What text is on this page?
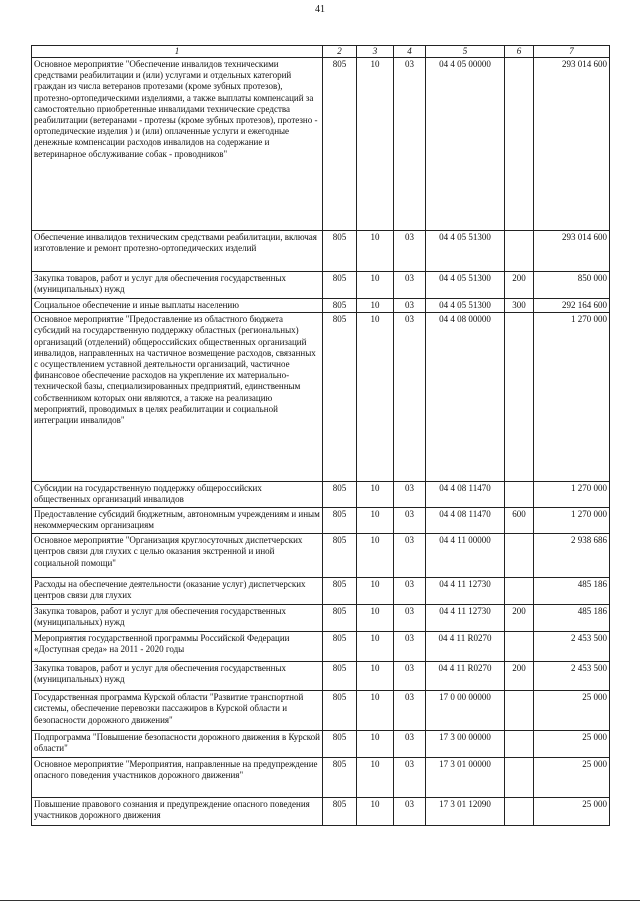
41
1	2	3	4	5	6	7
Основное мероприятие "Обеспечение инвалидов техническими средствами реабилитации и (или) услугами и отдельных категорий граждан из числа ветеранов протезами (кроме зубных протезов), протезно-ортопедическими изделиями, а также выплаты компенсаций за самостоятельно приобретенные инвалидами технические средства реабилитации (ветеранами - протезы (кроме зубных протезов), протезно - ортопедические изделия ) и (или) оплаченные услуги и ежегодные денежные компенсации расходов инвалидов на содержание и ветеринарное обслуживание собак - проводников"	805	10	03	04 4 05 00000		293 014 600
Обеспечение инвалидов техническим средствами реабилитации, включая изготовление и ремонт протезно-ортопедических изделий	805	10	03	04 4 05 51300		293 014 600
Закупка товаров, работ и услуг для обеспечения государственных (муниципальных) нужд	805	10	03	04 4 05 51300	200	850 000
Социальное обеспечение и иные выплаты населению	805	10	03	04 4 05 51300	300	292 164 600
Основное мероприятие "Предоставление из областного бюджета субсидий на государственную поддержку областных (региональных) организаций (отделений) общероссийских общественных организаций инвалидов, направленных на частичное возмещение расходов, связанных с осуществлением уставной деятельности организаций, частичное финансовое обеспечение расходов на укрепление их материально-технической базы, специализированных предприятий, единственным собственником которых они являются, а также на реализацию мероприятий, проводимых в целях реабилитации и социальной интеграции инвалидов"	805	10	03	04 4 08 00000		1 270 000
Субсидии на государственную поддержку общероссийских общественных организаций инвалидов	805	10	03	04 4 08 11470		1 270 000
Предоставление субсидий бюджетным, автономным учреждениям и иным некоммерческим организациям	805	10	03	04 4 08 11470	600	1 270 000
Основное мероприятие "Организация круглосуточных диспетчерских центров связи для глухих с целью оказания экстренной и иной социальной помощи"	805	10	03	04 4 11 00000		2 938 686
Расходы на обеспечение деятельности (оказание услуг) диспетчерских центров связи для глухих	805	10	03	04 4 11 12730		485 186
Закупка товаров, работ и услуг для обеспечения государственных (муниципальных) нужд	805	10	03	04 4 11 12730	200	485 186
Мероприятия государственной программы Российской Федерации «Доступная среда» на 2011 - 2020 годы	805	10	03	04 4 11 R0270		2 453 500
Закупка товаров, работ и услуг для обеспечения государственных (муниципальных) нужд	805	10	03	04 4 11 R0270	200	2 453 500
Государственная программа Курской области "Развитие транспортной системы, обеспечение перевозки пассажиров в Курской области и безопасности дорожного движения"	805	10	03	17 0 00 00000		25 000
Подпрограмма "Повышение безопасности дорожного движения в Курской области"	805	10	03	17 3 00 00000		25 000
Основное мероприятие "Мероприятия, направленные на предупреждение опасного поведения участников дорожного движения"	805	10	03	17 3 01 00000		25 000
Повышение правового сознания и предупреждение опасного поведения участников дорожного движения	805	10	03	17 3 01 12090		25 000
